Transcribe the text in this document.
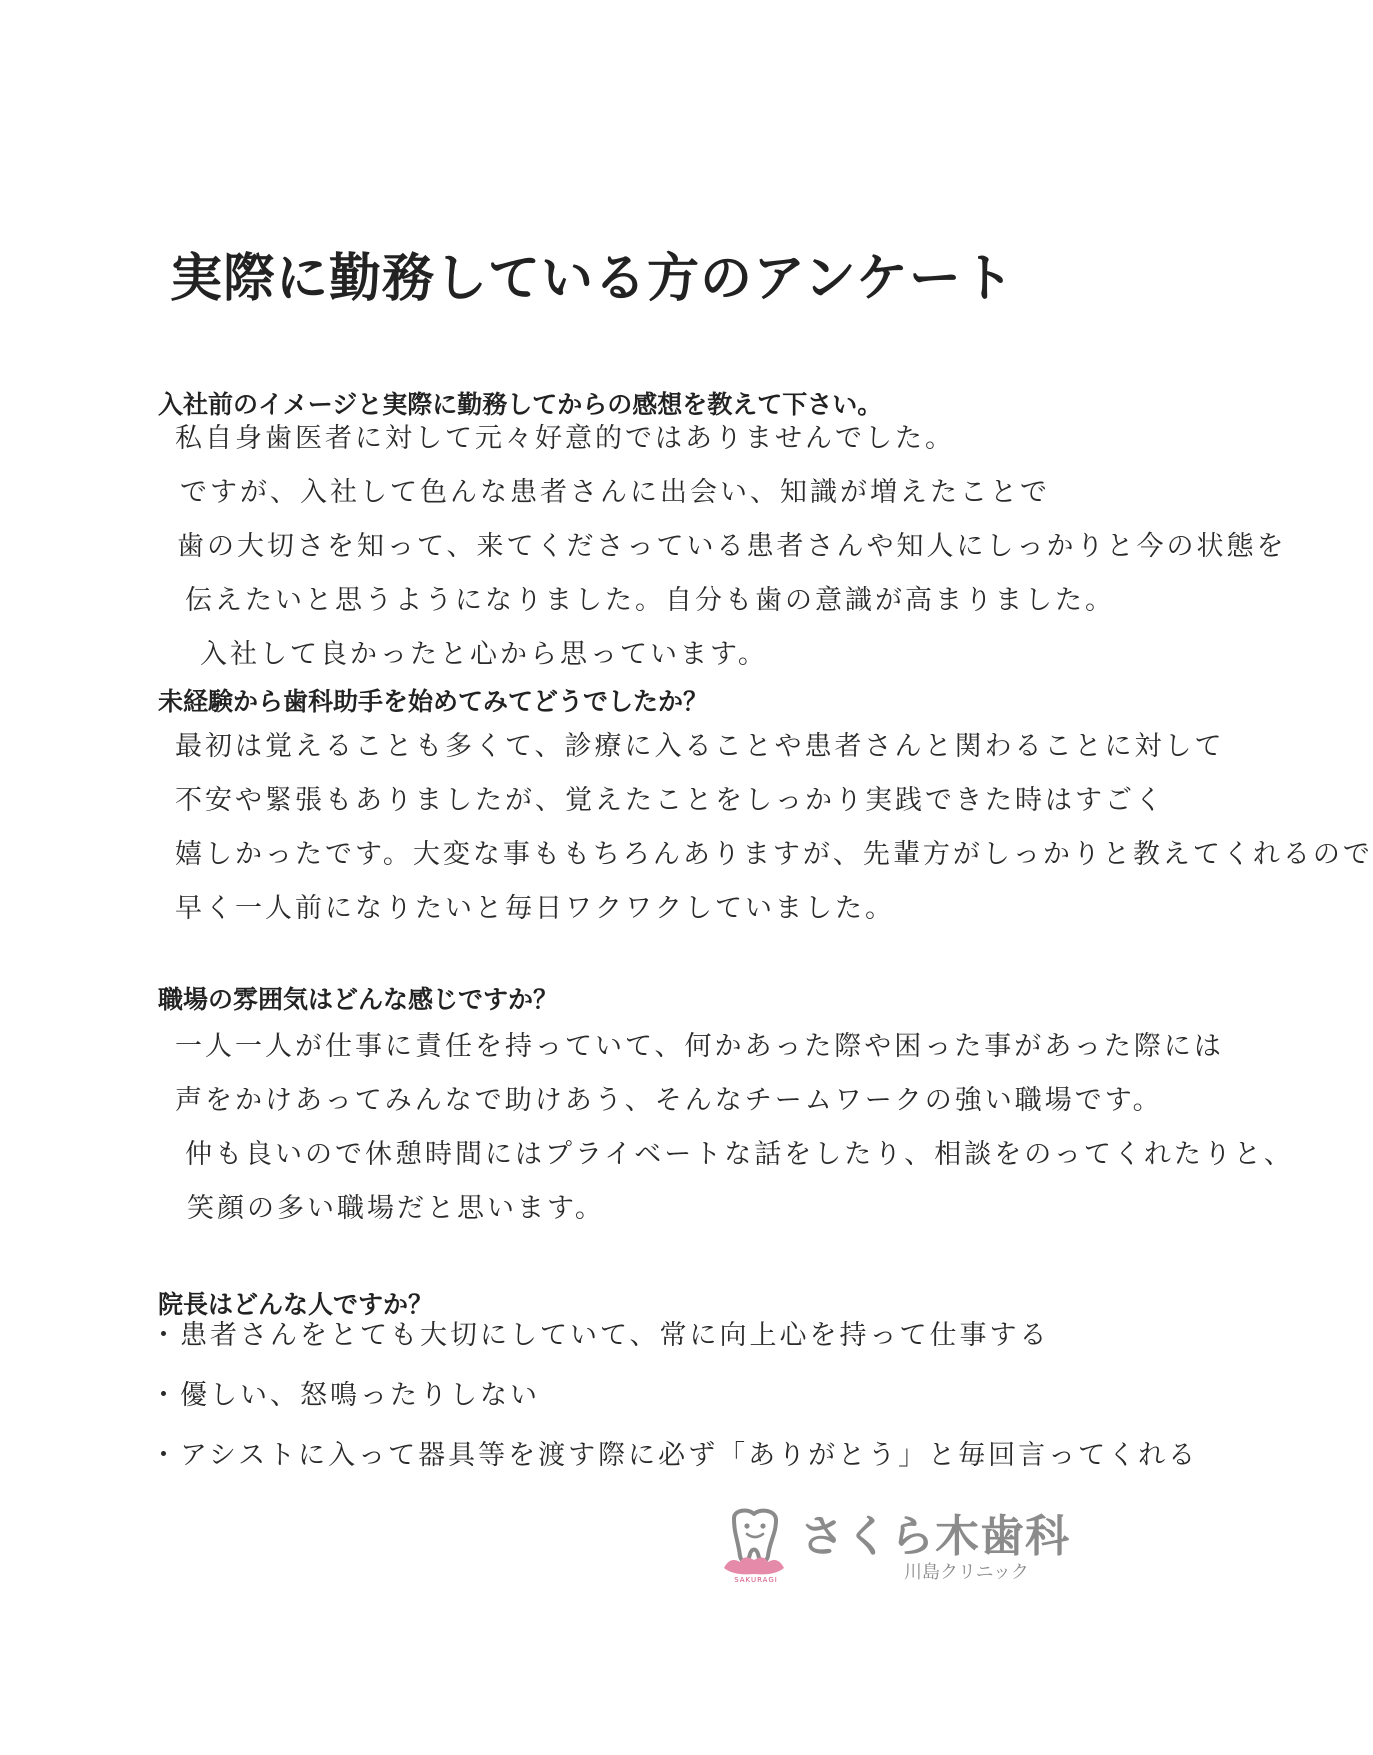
実際に勤務している方のアンケート
入社前のイメージと実際に勤務してからの感想を教えて下さい。
私自身歯医者に対して元々好意的ではありませんでした。
ですが、入社して色んな患者さんに出会い、知識が増えたことで
歯の大切さを知って、来てくださっている患者さんや知人にしっかりと今の状態を
伝えたいと思うようになりました。自分も歯の意識が高まりました。
入社して良かったと心から思っています。
未経験から歯科助手を始めてみてどうでしたか？
最初は覚えることも多くて、診療に入ることや患者さんと関わることに対して
不安や緊張もありましたが、覚えたことをしっかり実践できた時はすごく
嬉しかったです。大変な事ももちろんありますが、先輩方がしっかりと教えてくれるので
早く一人前になりたいと毎日ワクワクしていました。
職場の雰囲気はどんな感じですか？
一人一人が仕事に責任を持っていて、何かあった際や困った事があった際には
声をかけあってみんなで助けあう、そんなチームワークの強い職場です。
仲も良いので休憩時間にはプライベートな話をしたり、相談をのってくれたりと、
笑顔の多い職場だと思います。
院長はどんな人ですか？
・患者さんをとても大切にしていて、常に向上心を持って仕事する
・優しい、怒鳴ったりしない
・アシストに入って器具等を渡す際に必ず「ありがとう」と毎回言ってくれる
SAKURAGI
さくら木歯科
川島クリニック
